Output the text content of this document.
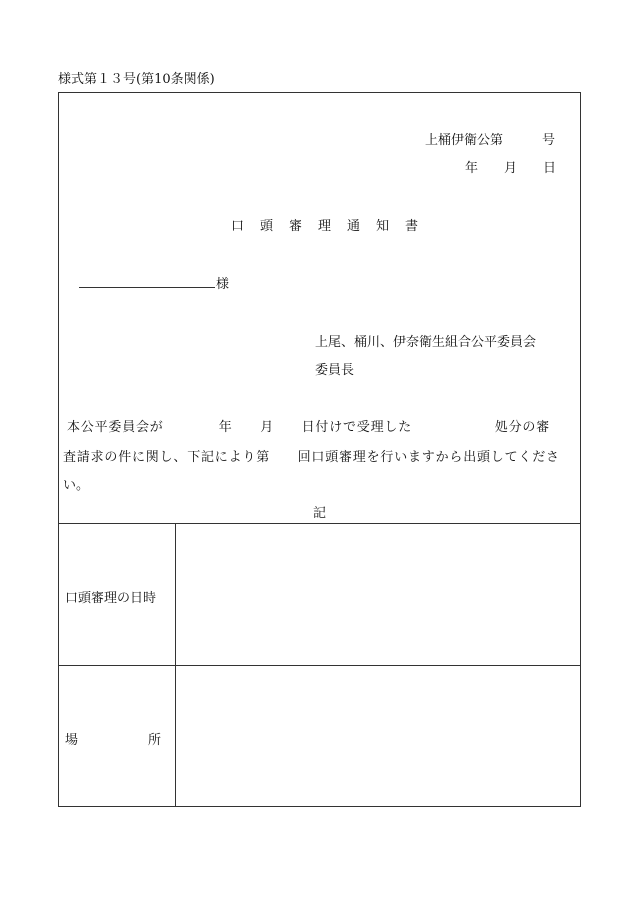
様式第１３号(第10条関係)
上桶伊衛公第　　　号
年　　月　　日
口頭審理通知書
様
上尾、桶川、伊奈衛生組合公平委員会
委員長
本公平委員会が　　　　年　　月　　日付けで受理した　　　　　　処分の審
査請求の件に関し、下記により第　　回口頭審理を行いますから出頭してくださ
い。
記
口頭審理の日時
場	所
